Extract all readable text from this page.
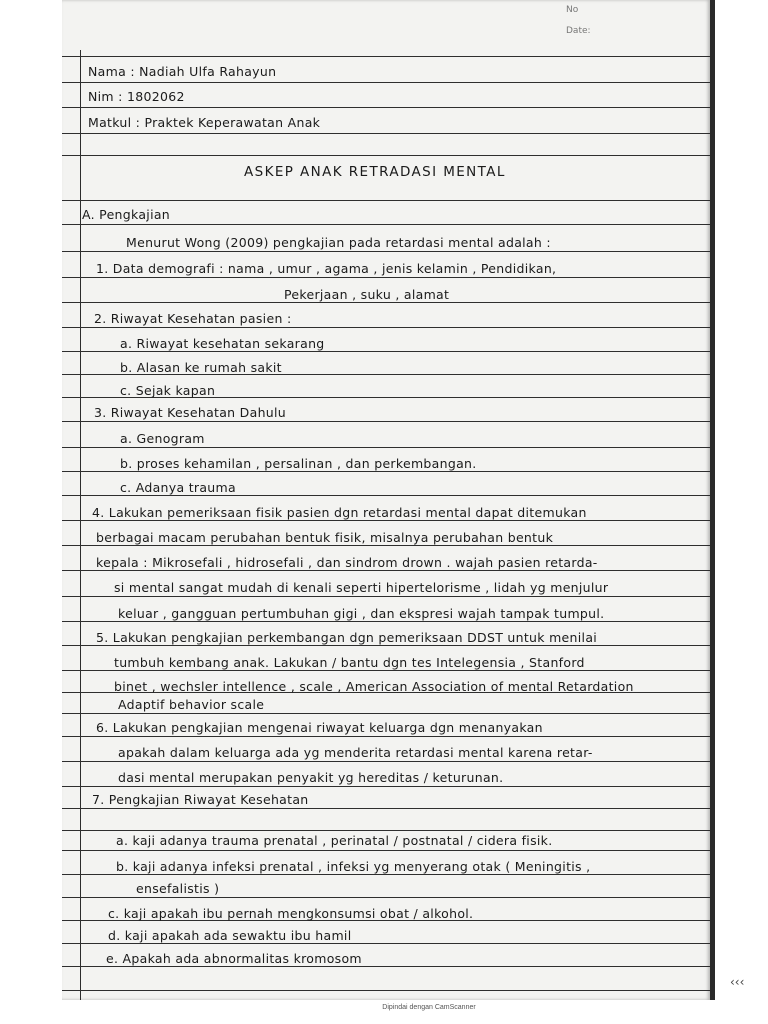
No
Date:
Nama : Nadiah Ulfa Rahayun
Nim : 1802062
Matkul : Praktek Keperawatan Anak
ASKEP ANAK RETRADASI MENTAL
A. Pengkajian
Menurut Wong (2009) pengkajian pada retardasi mental adalah :
1. Data demografi : nama , umur , agama , jenis kelamin , Pendidikan,
Pekerjaan , suku , alamat
2. Riwayat Kesehatan pasien :
a. Riwayat kesehatan sekarang
b. Alasan ke rumah sakit
c. Sejak kapan
3. Riwayat Kesehatan Dahulu
a. Genogram
b. proses kehamilan , persalinan , dan perkembangan.
c. Adanya trauma
4. Lakukan pemeriksaan fisik pasien dgn retardasi mental dapat ditemukan
berbagai macam perubahan bentuk fisik, misalnya perubahan bentuk
kepala : Mikrosefali , hidrosefali , dan sindrom drown . wajah pasien retarda-
si mental sangat mudah di kenali seperti hipertelorisme , lidah yg menjulur
keluar , gangguan pertumbuhan gigi , dan ekspresi wajah tampak tumpul.
5. Lakukan pengkajian perkembangan dgn pemeriksaan DDST untuk menilai
tumbuh kembang anak. Lakukan / bantu dgn tes Intelegensia , Stanford
binet , wechsler intellence , scale , American Association of mental Retardation
Adaptif behavior scale
6. Lakukan pengkajian mengenai riwayat keluarga dgn menanyakan
apakah dalam keluarga ada yg menderita retardasi mental karena retar-
dasi mental merupakan penyakit yg hereditas / keturunan.
7. Pengkajian Riwayat Kesehatan
a. kaji adanya trauma prenatal , perinatal / postnatal / cidera fisik.
b. kaji adanya infeksi prenatal , infeksi yg menyerang otak ( Meningitis ,
ensefalistis )
c. kaji apakah ibu pernah mengkonsumsi obat / alkohol.
d. kaji apakah ada sewaktu ibu hamil
e. Apakah ada abnormalitas kromosom
‹‹‹
Dipindai dengan CamScanner
